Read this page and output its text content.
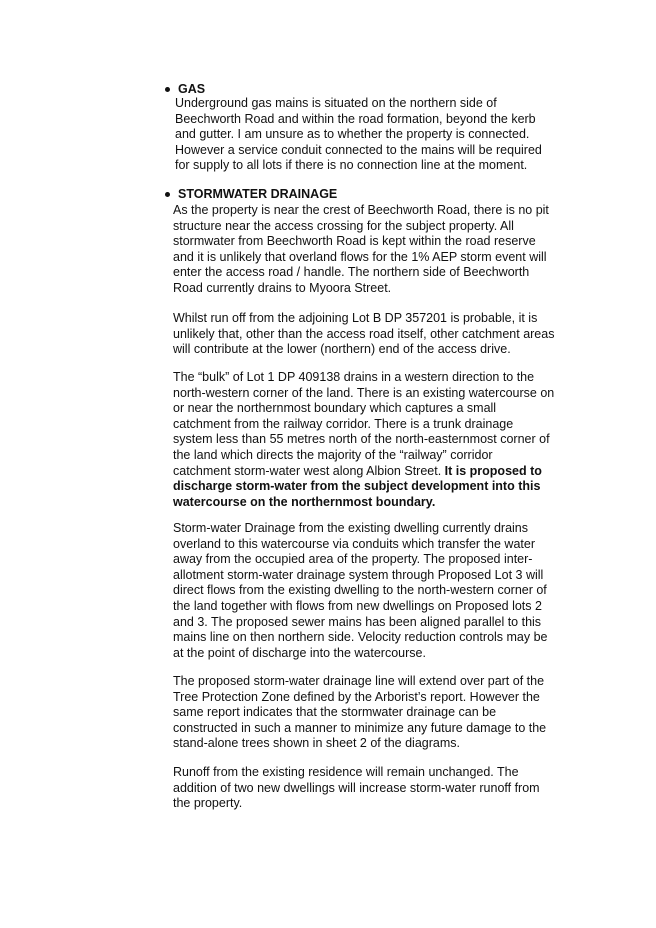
GAS

Underground gas mains is situated on the northern side of
Beechworth Road and within the road formation, beyond the kerb
and gutter. I am unsure as to whether the property is connected.
However a service conduit connected to the mains will be required
for supply to all lots if there is no connection line at the moment.

STORMWATER DRAINAGE

As the property is near the crest of Beechworth Road, there is no pit
structure near the access crossing for the subject property. All
stormwater from Beechworth Road is kept within the road reserve
and it is unlikely that overland flows for the 1% AEP storm event will
enter the access road / handle. The northern side of Beechworth
Road currently drains to Myoora Street.

Whilst run off from the adjoining Lot B DP 357201 is probable, it is
unlikely that, other than the access road itself, other catchment areas
will contribute at the lower (northern) end of the access drive.

The “bulk” of Lot 1 DP 409138 drains in a western direction to the
north-western corner of the land. There is an existing watercourse on
or near the northernmost boundary which captures a small
catchment from the railway corridor. There is a trunk drainage
system less than 55 metres north of the north-easternmost corner of
the land which directs the majority of the “railway” corridor
catchment storm-water west along Albion Street. It is proposed to
discharge storm-water from the subject development into this
watercourse on the northernmost boundary.

Storm-water Drainage from the existing dwelling currently drains
overland to this watercourse via conduits which transfer the water
away from the occupied area of the property. The proposed inter-
allotment storm-water drainage system through Proposed Lot 3 will
direct flows from the existing dwelling to the north-western corner of
the land together with flows from new dwellings on Proposed lots 2
and 3. The proposed sewer mains has been aligned parallel to this
mains line on then northern side. Velocity reduction controls may be
at the point of discharge into the watercourse.

The proposed storm-water drainage line will extend over part of the
Tree Protection Zone defined by the Arborist’s report. However the
same report indicates that the stormwater drainage can be
constructed in such a manner to minimize any future damage to the
stand-alone trees shown in sheet 2 of the diagrams.

Runoff from the existing residence will remain unchanged. The
addition of two new dwellings will increase storm-water runoff from
the property.
